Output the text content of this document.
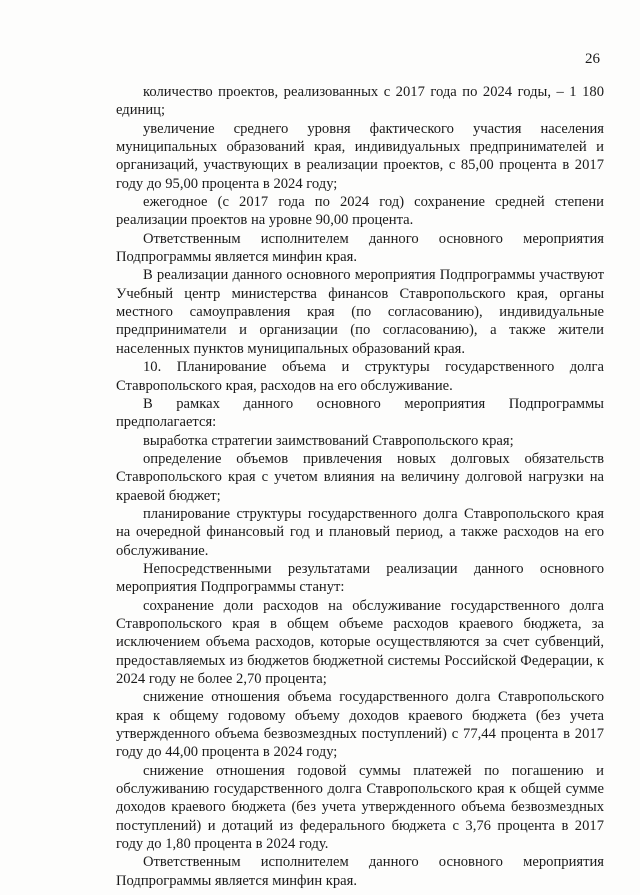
26

количество проектов, реализованных с 2017 года по 2024 годы, – 1 180 единиц;

увеличение среднего уровня фактического участия населения муниципальных образований края, индивидуальных предпринимателей и организаций, участвующих в реализации проектов, с 85,00 процента в 2017 году до 95,00 процента в 2024 году;

ежегодное (с 2017 года по 2024 год) сохранение средней степени реализации проектов на уровне 90,00 процента.

Ответственным исполнителем данного основного мероприятия Подпрограммы является минфин края.

В реализации данного основного мероприятия Подпрограммы участвуют Учебный центр министерства финансов Ставропольского края, органы местного самоуправления края (по согласованию), индивидуальные предприниматели и организации (по согласованию), а также жители населенных пунктов муниципальных образований края.

10. Планирование объема и структуры государственного долга Ставропольского края, расходов на его обслуживание.

В рамках данного основного мероприятия Подпрограммы предполагается:

выработка стратегии заимствований Ставропольского края;

определение объемов привлечения новых долговых обязательств Ставропольского края с учетом влияния на величину долговой нагрузки на краевой бюджет;

планирование структуры государственного долга Ставропольского края на очередной финансовый год и плановый период, а также расходов на его обслуживание.

Непосредственными результатами реализации данного основного мероприятия Подпрограммы станут:

сохранение доли расходов на обслуживание государственного долга Ставропольского края в общем объеме расходов краевого бюджета, за исключением объема расходов, которые осуществляются за счет субвенций, предоставляемых из бюджетов бюджетной системы Российской Федерации, к 2024 году не более 2,70 процента;

снижение отношения объема государственного долга Ставропольского края к общему годовому объему доходов краевого бюджета (без учета утвержденного объема безвозмездных поступлений) с 77,44 процента в 2017 году до 44,00 процента в 2024 году;

снижение отношения годовой суммы платежей по погашению и обслуживанию государственного долга Ставропольского края к общей сумме доходов краевого бюджета (без учета утвержденного объема безвозмездных поступлений) и дотаций из федерального бюджета с 3,76 процента в 2017 году до 1,80 процента в 2024 году.

Ответственным исполнителем данного основного мероприятия Подпрограммы является минфин края.
